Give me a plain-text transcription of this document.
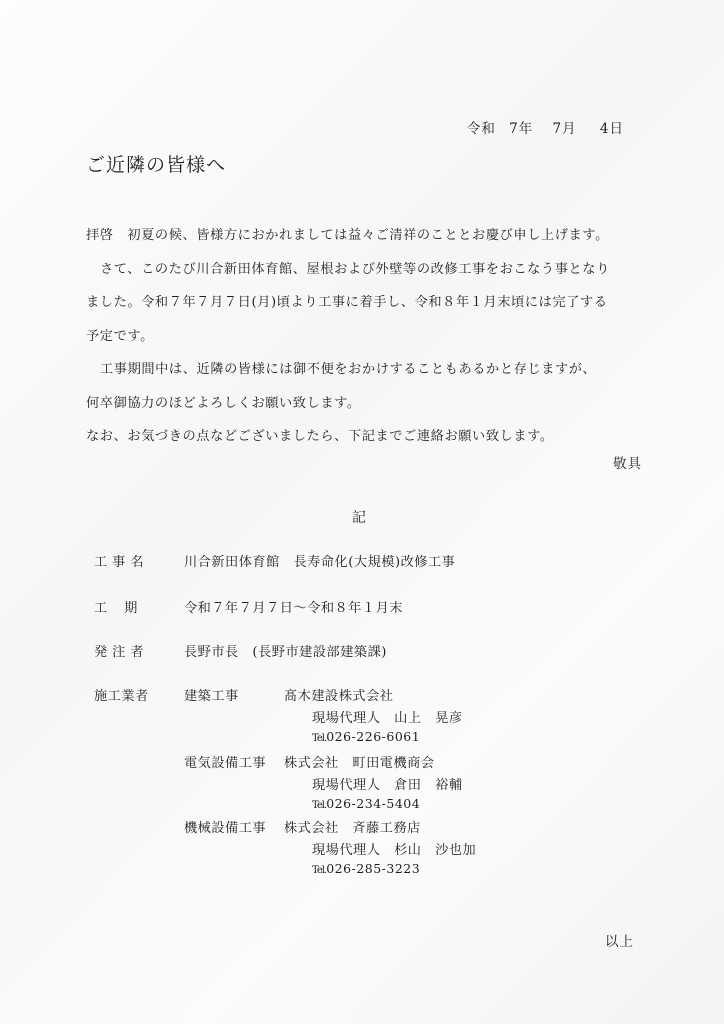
令和 7年 7月 4日
ご近隣の皆様へ
拝啓　初夏の候、皆様方におかれましては益々ご清祥のこととお慶び申し上げます。
さて、このたび川合新田体育館、屋根および外壁等の改修工事をおこなう事となり
ました。令和７年７月７日(月)頃より工事に着手し、令和８年１月末頃には完了する
予定です。
工事期間中は、近隣の皆様には御不便をおかけすることもあるかと存じますが、
何卒御協力のほどよろしくお願い致します。
なお、お気づきの点などございましたら、下記までご連絡お願い致します。
敬具
記
工事名	川合新田体育館　長寿命化(大規模)改修工事
工期 令和７年７月７日～令和８年１月末
発注者	長野市長　(長野市建設部建築課)
施工業者	建築工事	髙木建設株式会社
現場代理人　山上　晃彦
Tel.026-226-6061
電気設備工事 株式会社　町田電機商会
現場代理人　倉田　裕輔
Tel.026-234-5404
機械設備工事 株式会社　斉藤工務店
現場代理人　杉山　沙也加
Tel.026-285-3223
以上
